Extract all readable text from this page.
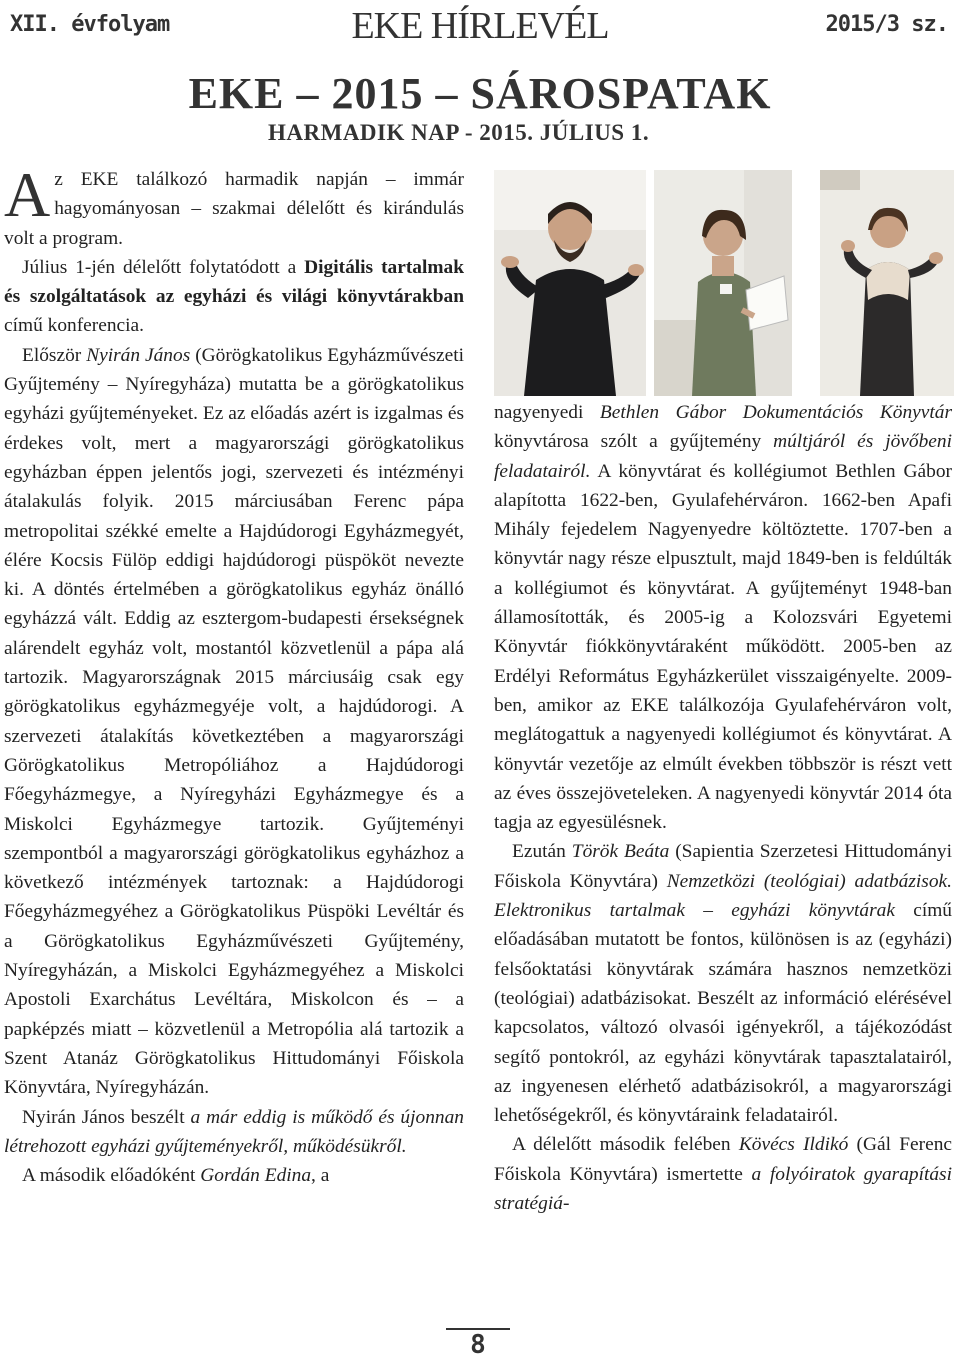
XII. évfolyam	EKE HÍRLEVÉL	2015/3 sz.
EKE – 2015 – SÁROSPATAK
HARMADIK NAP - 2015. JÚLIUS 1.

Az EKE találkozó harmadik napján – immár hagyományosan – szakmai délelőtt és kirándulás volt a program.

Július 1-jén délelőtt folytatódott a Digitális tartalmak és szolgáltatások az egyházi és világi könyvtárakban című konferencia.

Először Nyirán János (Görögkatolikus Egyházművészeti Gyűjtemény – Nyíregyháza) mutatta be a görögkatolikus egyházi gyűjteményeket. Ez az előadás azért is izgalmas és érdekes volt, mert a magyarországi görögkatolikus egyházban éppen jelentős jogi, szervezeti és intézményi átalakulás folyik. 2015 márciusában Ferenc pápa metropolitai székké emelte a Hajdúdorogi Egyházmegyét, élére Kocsis Fülöp eddigi hajdúdorogi püspököt nevezte ki. A döntés értelmében a görögkatolikus egyház önálló egyházzá vált. Eddig az esztergom-budapesti érsekségnek alárendelt egyház volt, mostantól közvetlenül a pápa alá tartozik. Magyarországnak 2015 márciusáig csak egy görögkatolikus egyházmegyéje volt, a hajdúdorogi. A szervezeti átalakítás következtében a magyarországi Görögkatolikus Metropóliához a Hajdúdorogi Főegyházmegye, a Nyíregyházi Egyházmegye és a Miskolci Egyházmegye tartozik. Gyűjteményi szempontból a magyarországi görögkatolikus egyházhoz a következő intézmények tartoznak: a Hajdúdorogi Főegyházmegyéhez a Görögkatolikus Püspöki Levéltár és a Görögkatolikus Egyházművészeti Gyűjtemény, Nyíregyházán, a Miskolci Egyházmegyéhez a Miskolci Apostoli Exarchátus Levéltára, Miskolcon és – a papképzés miatt – közvetlenül a Metropólia alá tartozik a Szent Atanáz Görögkatolikus Hittudományi Főiskola Könyvtára, Nyíregyházán.

Nyirán János beszélt a már eddig is működő és újonnan létrehozott egyházi gyűjteményekről, működésükről.

A második előadóként Gordán Edina, a

nagyenyedi Bethlen Gábor Dokumentációs Könyvtár könyvtárosa szólt a gyűjtemény múltjáról és jövőbeni feladatairól. A könyvtárat és kollégiumot Bethlen Gábor alapította 1622-ben, Gyulafehérváron. 1662-ben Apafi Mihály fejedelem Nagyenyedre költöztette. 1707-ben a könyvtár nagy része elpusztult, majd 1849-ben is feldúlták a kollégiumot és könyvtárat. A gyűjteményt 1948-ban államosították, és 2005-ig a Kolozsvári Egyetemi Könyvtár fiókkönyvtáraként működött. 2005-ben az Erdélyi Református Egyházkerület visszaigényelte. 2009-ben, amikor az EKE találkozója Gyulafehérváron volt, meglátogattuk a nagyenyedi kollégiumot és könyvtárat. A könyvtár vezetője az elmúlt években többször is részt vett az éves összejöveteleken. A nagyenyedi könyvtár 2014 óta tagja az egyesülésnek.

Ezután Török Beáta (Sapientia Szerzetesi Hittudományi Főiskola Könyvtára) Nemzetközi (teológiai) adatbázisok. Elektronikus tartalmak – egyházi könyvtárak című előadásában mutatott be fontos, különösen is az (egyházi) felsőoktatási könyvtárak számára hasznos nemzetközi (teológiai) adatbázisokat. Beszélt az információ elérésével kapcsolatos, változó olvasói igényekről, a tájékozódást segítő pontokról, az egyházi könyvtárak tapasztalatairól, az ingyenesen elérhető adatbázisokról, a magyarországi lehetőségekről, és könyvtáraink feladatairól.

A délelőtt második felében Kövécs Ildikó (Gál Ferenc Főiskola Könyvtára) ismertette a folyóiratok gyarapítási stratégiá-

8
